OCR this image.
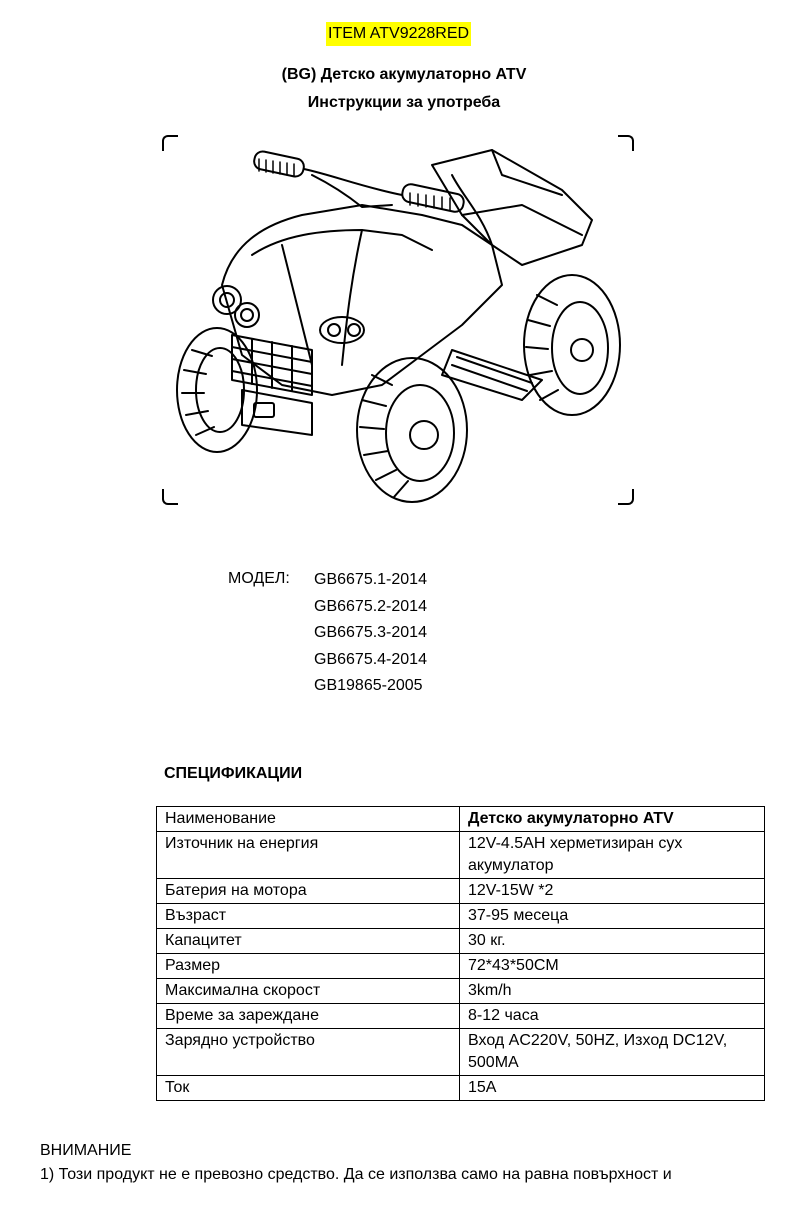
ITEM ATV9228RED
(BG) Детско акумулаторно ATV
Инструкции за употреба
МОДЕЛ: GB6675.1-2014
GB6675.2-2014
GB6675.3-2014
GB6675.4-2014
GB19865-2005
СПЕЦИФИКАЦИИ
Наименование	Детско акумулаторно ATV
Източник на енергия	12V-4.5AH херметизиран сух акумулатор
Батерия на мотора	12V-15W *2
Възраст	37-95 месеца
Капацитет	30 кг.
Размер	72*43*50CM
Максимална скорост	3km/h
Време за зареждане	8-12 часа
Зарядно устройство	Вход AC220V, 50HZ, Изход DC12V, 500MA
Ток	15A
ВНИМАНИЕ
1) Този продукт не е превозно средство. Да се използва само на равна повърхност и
